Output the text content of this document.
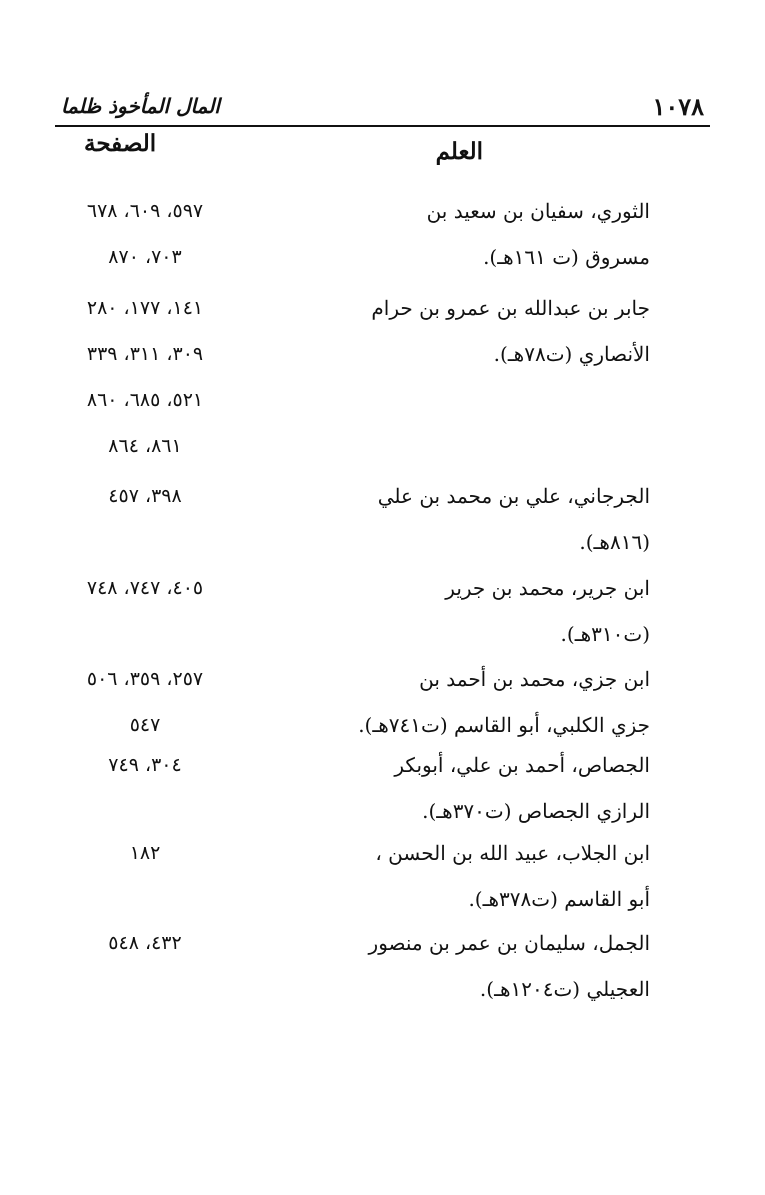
١٠٧٨
المال المأخوذ ظلما
العلم
الصفحة
الثوري، سفيان بن سعيد بن
مسروق (ت ١٦١هـ).
٥٩٧، ٦٠٩، ٦٧٨
٧٠٣، ٨٧٠
جابر بن عبدالله بن عمرو بن حرام
الأنصاري (ت٧٨هـ).
١٤١، ١٧٧، ٢٨٠
٣٠٩، ٣١١، ٣٣٩
٥٢١، ٦٨٥، ٨٦٠
٨٦١، ٨٦٤
الجرجاني، علي بن محمد بن علي
(٨١٦هـ).
٣٩٨، ٤٥٧
ابن جرير، محمد بن جرير
(ت٣١٠هـ).
٤٠٥، ٧٤٧، ٧٤٨
ابن جزي، محمد بن أحمد بن
جزي الكلبي، أبو القاسم (ت٧٤١هـ).
٢٥٧، ٣٥٩، ٥٠٦
٥٤٧
الجصاص، أحمد بن علي، أبوبكر
الرازي الجصاص (ت٣٧٠هـ).
٣٠٤، ٧٤٩
ابن الجلاب، عبيد الله بن الحسن ،
أبو القاسم (ت٣٧٨هـ).
١٨٢
الجمل، سليمان بن عمر بن منصور
العجيلي (ت١٢٠٤هـ).
٤٣٢، ٥٤٨
